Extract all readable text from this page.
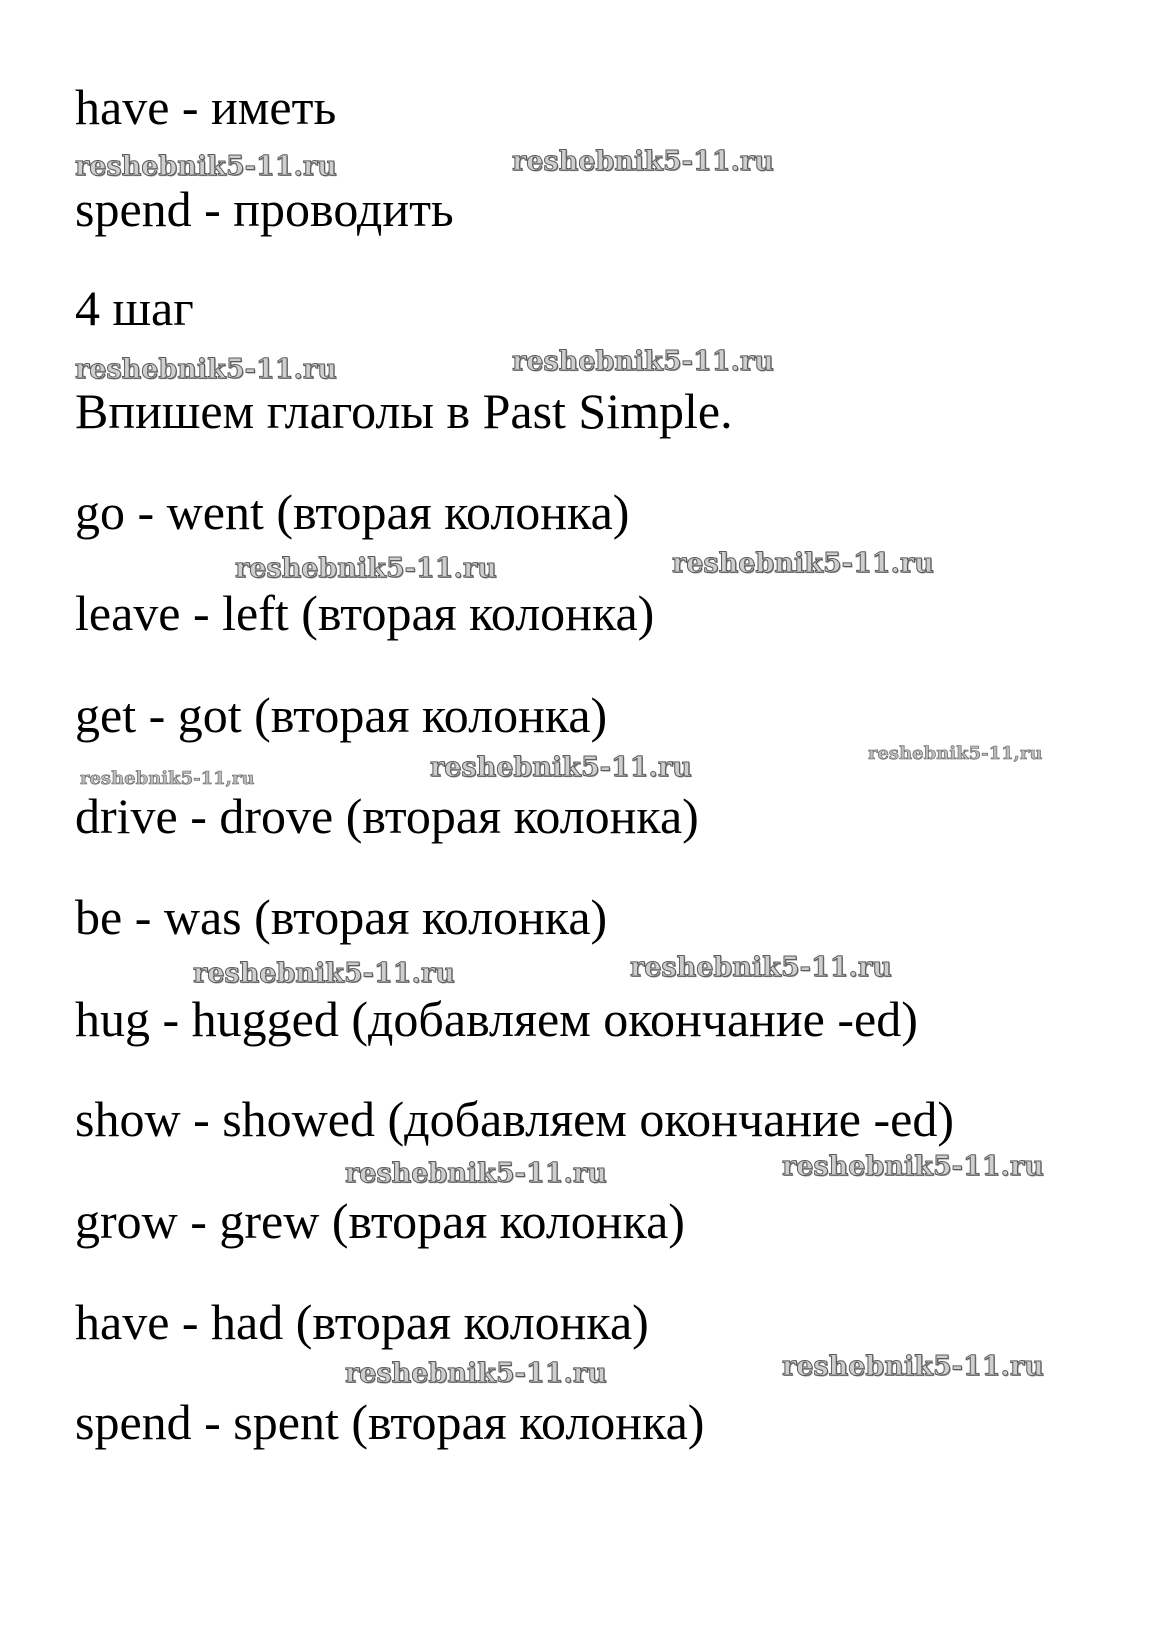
have - иметь

spend - проводить

4 шаг

Впишем глаголы в Past Simple.

go - went (вторая колонка)

leave - left (вторая колонка)

get - got (вторая колонка)

drive - drove (вторая колонка)

be - was (вторая колонка)

hug - hugged (добавляем окончание -ed)

show - showed (добавляем окончание -ed)

grow - grew (вторая колонка)

have - had (вторая колонка)

spend - spent (вторая колонка)

reshebnik5-11.ru	reshebnik5-11.ru
reshebnik5-11.ru	reshebnik5-11.ru
reshebnik5-11.ru	reshebnik5-11.ru
reshebnik5-11,ru	reshebnik5-11.ru	reshebnik5-11,ru
reshebnik5-11.ru	reshebnik5-11.ru
reshebnik5-11.ru	reshebnik5-11.ru
reshebnik5-11.ru	reshebnik5-11.ru
